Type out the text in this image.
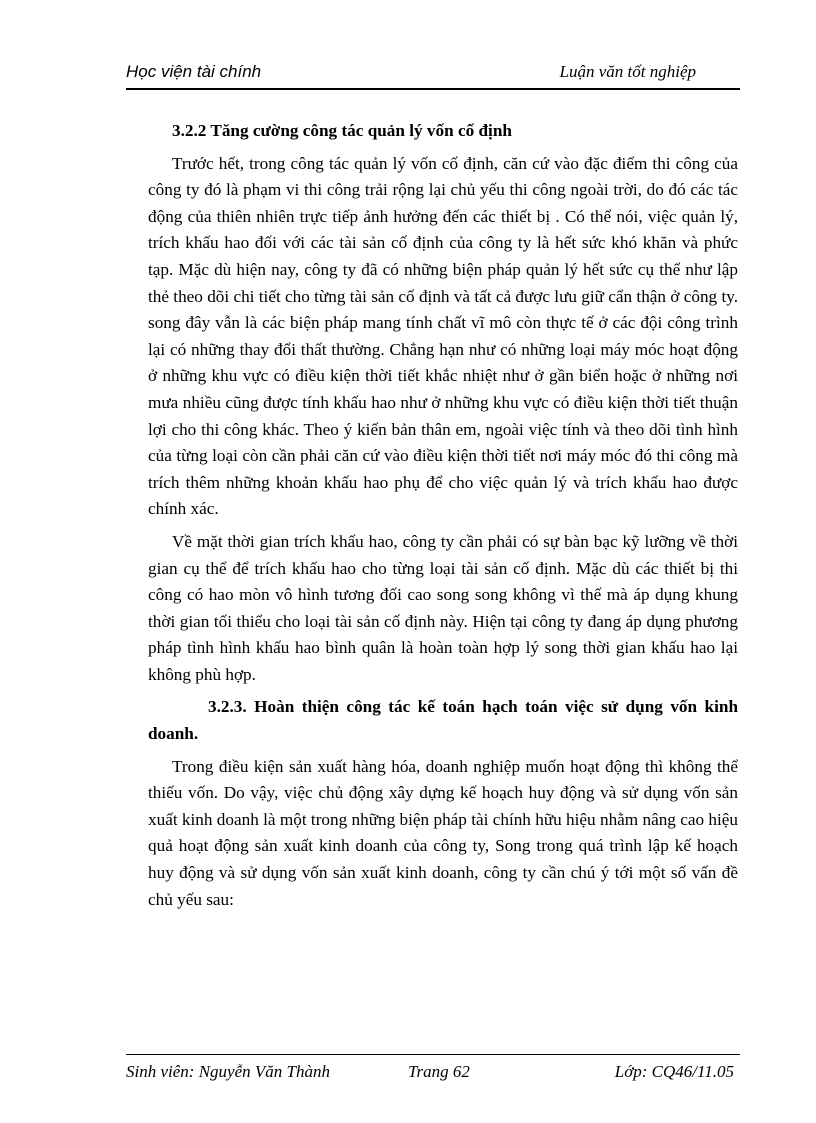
Học viện tài chính	Luận văn tốt nghiệp

3.2.2 Tăng cường công tác quản lý vốn cố định

Trước hết, trong công tác quản lý vốn cố định, căn cứ vào đặc điểm thi công của công ty đó là phạm vi thi công trải rộng lại chủ yếu thi công ngoài trời, do đó các tác động của thiên nhiên trực tiếp ảnh hưởng đến các thiết bị . Có thể nói, việc quản lý, trích khấu hao đối với các tài sản cố định của công ty là hết sức khó khăn và phức tạp. Mặc dù hiện nay, công ty đã có những biện pháp quản lý hết sức cụ thể như lập thẻ theo dõi chi tiết cho từng tài sản cố định và tất cả được lưu giữ cẩn thận ở công ty. song đây vẫn là các biện pháp mang tính chất vĩ mô còn thực tế ở các đội công trình lại có những thay đổi thất thường. Chẳng hạn như có những loại máy móc hoạt động ở những khu vực có điều kiện thời tiết khắc nhiệt như ở gần biển hoặc ở những nơi mưa nhiều cũng được tính khấu hao như ở những khu vực có điều kiện thời tiết thuận lợi cho thi công khác. Theo ý kiến bản thân em, ngoài việc tính và theo dõi tình hình của từng loại còn cần phải căn cứ vào điều kiện thời tiết nơi máy móc đó thi công mà trích thêm những khoản khấu hao phụ để cho việc quản lý và trích khấu hao được chính xác.

Về mặt thời gian trích khấu hao, công ty cần phải có sự bàn bạc kỹ lưỡng về thời gian cụ thể để trích khấu hao cho từng loại tài sản cố định. Mặc dù các thiết bị thi công có hao mòn vô hình tương đối cao song song không vì thế mà áp dụng khung thời gian tối thiểu cho loại tài sản cố định này. Hiện tại công ty đang áp dụng phương pháp tình hình khấu hao bình quân là hoàn toàn hợp lý song thời gian khấu hao lại không phù hợp.

3.2.3. Hoàn thiện công tác kế toán hạch toán việc sử dụng vốn kinh doanh.

Trong điều kiện sản xuất hàng hóa, doanh nghiệp muốn hoạt động thì không thể thiếu vốn. Do vậy, việc chủ động xây dựng kế hoạch huy động và sử dụng vốn sản xuất kinh doanh là một trong những biện pháp tài chính hữu hiệu nhằm nâng cao hiệu quả hoạt động sản xuất kinh doanh của công ty, Song trong quá trình lập kế hoạch huy động và sử dụng vốn sản xuất kinh doanh, công ty cần chú ý tới một số vấn đề chủ yếu sau:

Sinh viên: Nguyễn Văn Thành	Trang 62	Lớp: CQ46/11.05
